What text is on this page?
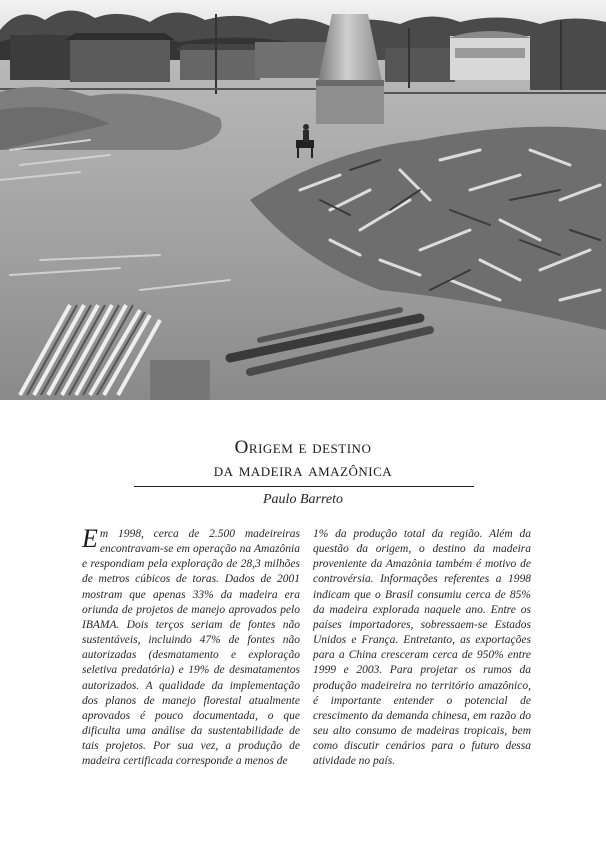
Origem e destino
da madeira amazônica
Paulo Barreto
Em 1998, cerca de 2.500 madeireiras encontravam-se em operação na Amazônia e respondiam pela exploração de 28,3 milhões de metros cúbicos de toras. Dados de 2001 mostram que apenas 33% da madeira era oriunda de projetos de manejo aprovados pelo IBAMA. Dois terços seriam de fontes não sustentáveis, incluindo 47% de fontes não autorizadas (desmatamento e exploração seletiva predatória) e 19% de desmatamentos autorizados. A qualidade da implementação dos planos de manejo florestal atualmente aprovados é pouco documentada, o que dificulta uma análise da sustentabilidade de tais projetos. Por sua vez, a produção de madeira certificada corresponde a menos de
1% da produção total da região. Além da questão da origem, o destino da madeira proveniente da Amazônia também é motivo de controvérsia. Informações referentes a 1998 indicam que o Brasil consumiu cerca de 85% da madeira explorada naquele ano. Entre os países importadores, sobressaem-se Estados Unidos e França. Entretanto, as exportações para a China cresceram cerca de 950% entre 1999 e 2003. Para projetar os rumos da produção madeireira no território amazônico, é importante entender o potencial de crescimento da demanda chinesa, em razão do seu alto consumo de madeiras tropicais, bem como discutir cenários para o futuro dessa atividade no país.
